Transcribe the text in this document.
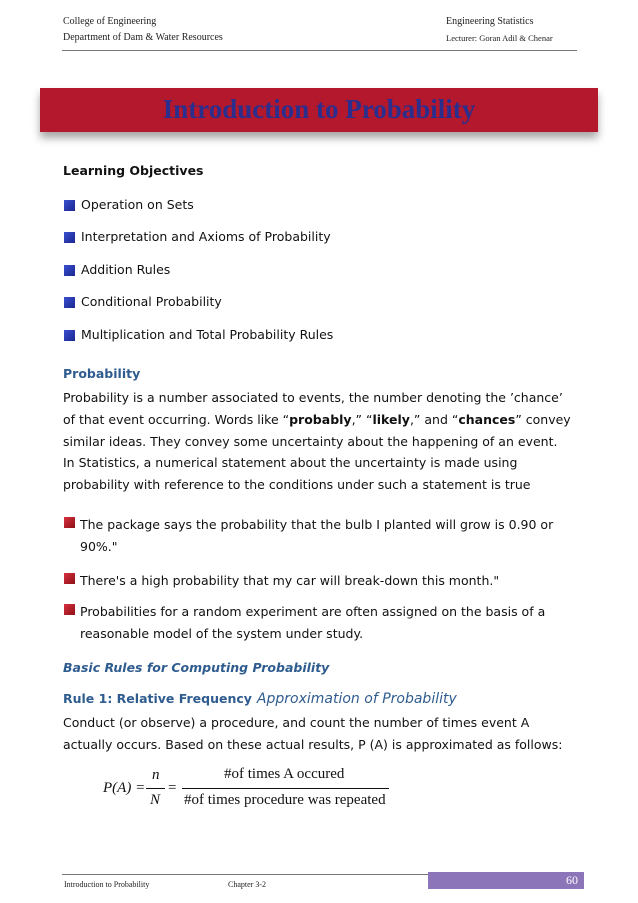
College of Engineering
Department of Dam & Water Resources
Engineering Statistics
Lecturer: Goran Adil & Chenar
Introduction to Probability
Learning Objectives
Operation on Sets
Interpretation and Axioms of Probability
Addition Rules
Conditional Probability
Multiplication and Total Probability Rules
Probability
Probability is a number associated to events, the number denoting the ’chance’
of that event occurring. Words like “probably,” “likely,” and “chances” convey
similar ideas. They convey some uncertainty about the happening of an event.
In Statistics, a numerical statement about the uncertainty is made using
probability with reference to the conditions under such a statement is true
The package says the probability that the bulb I planted will grow is 0.90 or 90%."
There's a high probability that my car will break-down this month."
Probabilities for a random experiment are often assigned on the basis of a reasonable model of the system under study.
Basic Rules for Computing Probability
Rule 1: Relative Frequency Approximation of Probability
Conduct (or observe) a procedure, and count the number of times event A
actually occurs. Based on these actual results, P (A) is approximated as follows:
P(A) =
n
N
=
#of times A occured
#of times procedure was repeated
Introduction to Probability	Chapter 3-2	60
